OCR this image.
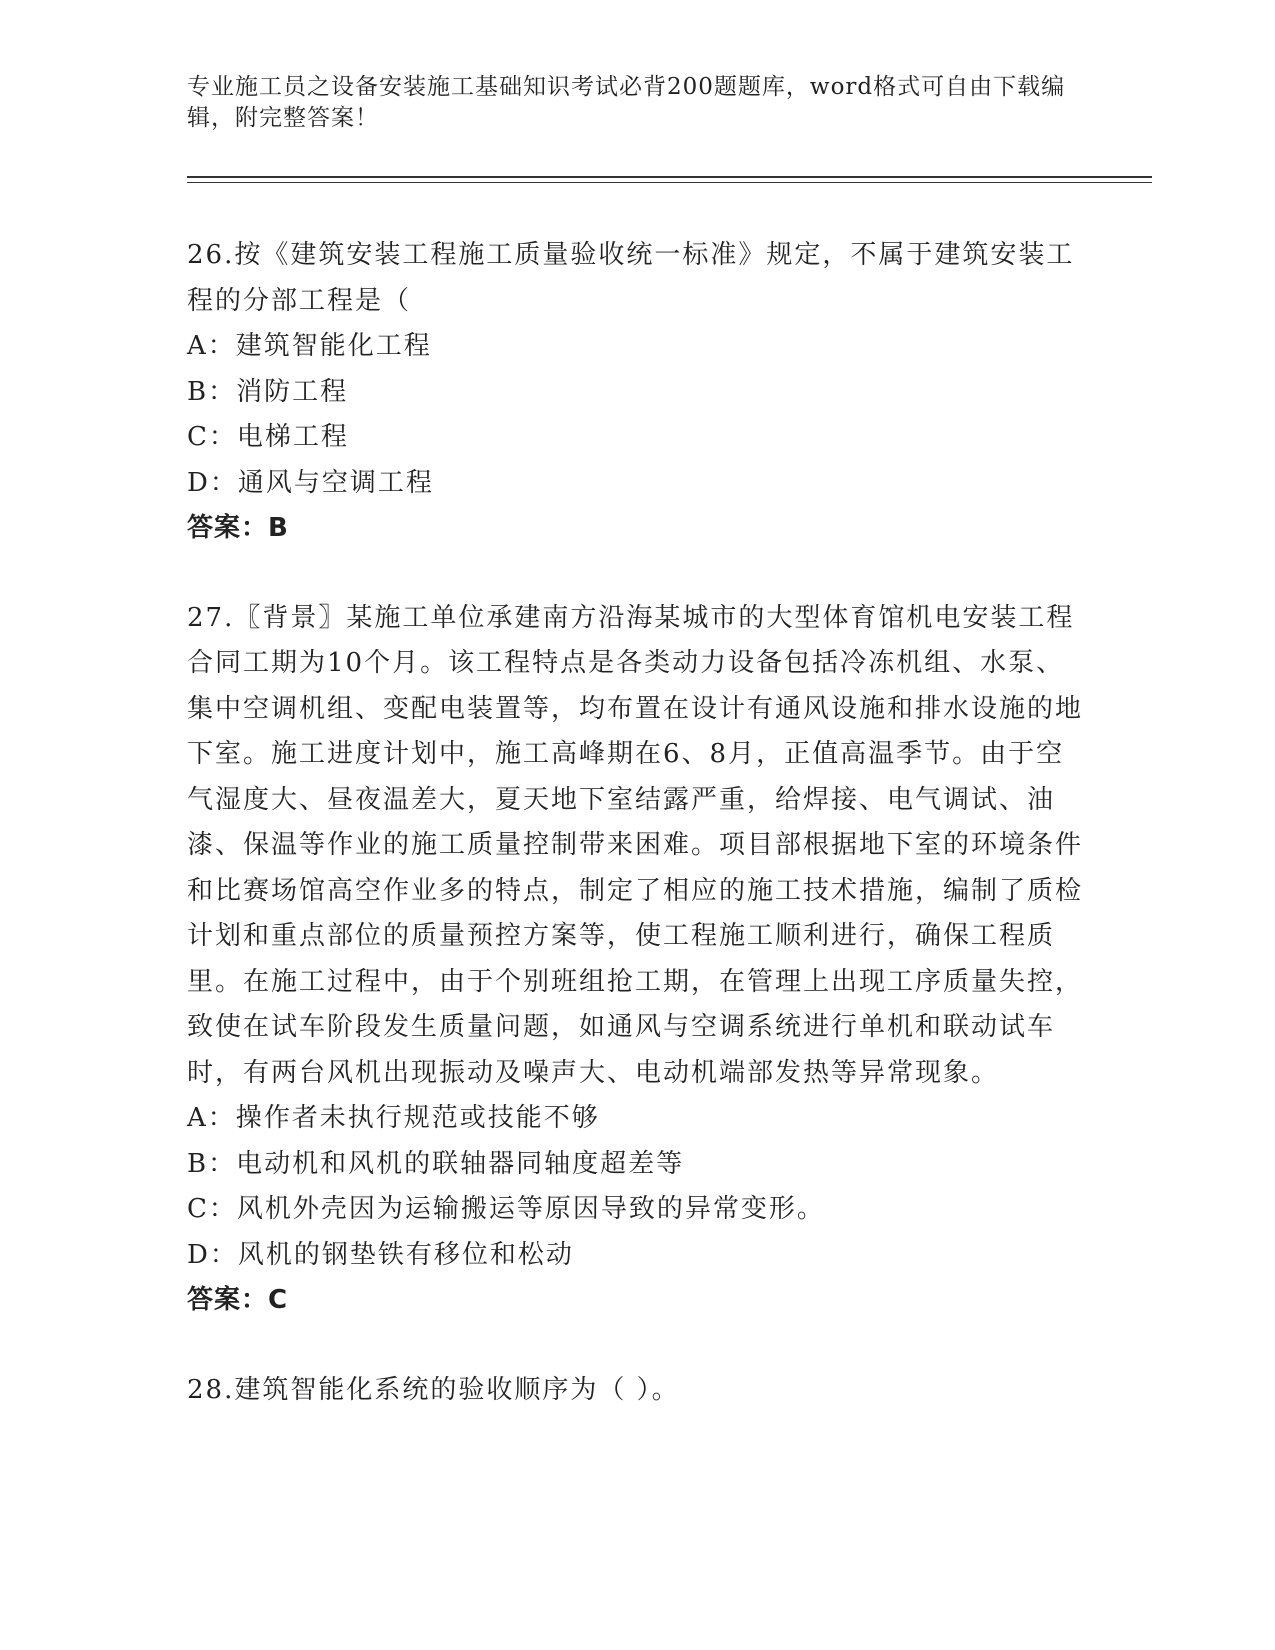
专业施工员之设备安装施工基础知识考试必背200题题库，word格式可自由下载编辑，附完整答案！

26.按《建筑安装工程施工质量验收统一标准》规定，不属于建筑安装工程的分部工程是（

A：建筑智能化工程

B：消防工程

C：电梯工程

D：通风与空调工程

答案：B

27.〖背景〗某施工单位承建南方沿海某城市的大型体育馆机电安装工程合同工期为10个月。该工程特点是各类动力设备包括冷冻机组、水泵、集中空调机组、变配电装置等，均布置在设计有通风设施和排水设施的地下室。施工进度计划中，施工高峰期在6、8月，正值高温季节。由于空气湿度大、昼夜温差大，夏天地下室结露严重，给焊接、电气调试、油漆、保温等作业的施工质量控制带来困难。项目部根据地下室的环境条件和比赛场馆高空作业多的特点，制定了相应的施工技术措施，编制了质检计划和重点部位的质量预控方案等，使工程施工顺利进行，确保工程质里。在施工过程中，由于个别班组抢工期，在管理上出现工序质量失控，致使在试车阶段发生质量问题，如通风与空调系统进行单机和联动试车时，有两台风机出现振动及噪声大、电动机端部发热等异常现象。

A：操作者未执行规范或技能不够

B：电动机和风机的联轴器同轴度超差等

C：风机外壳因为运输搬运等原因导致的异常变形。

D：风机的钢垫铁有移位和松动

答案：C

28.建筑智能化系统的验收顺序为（ ）。
